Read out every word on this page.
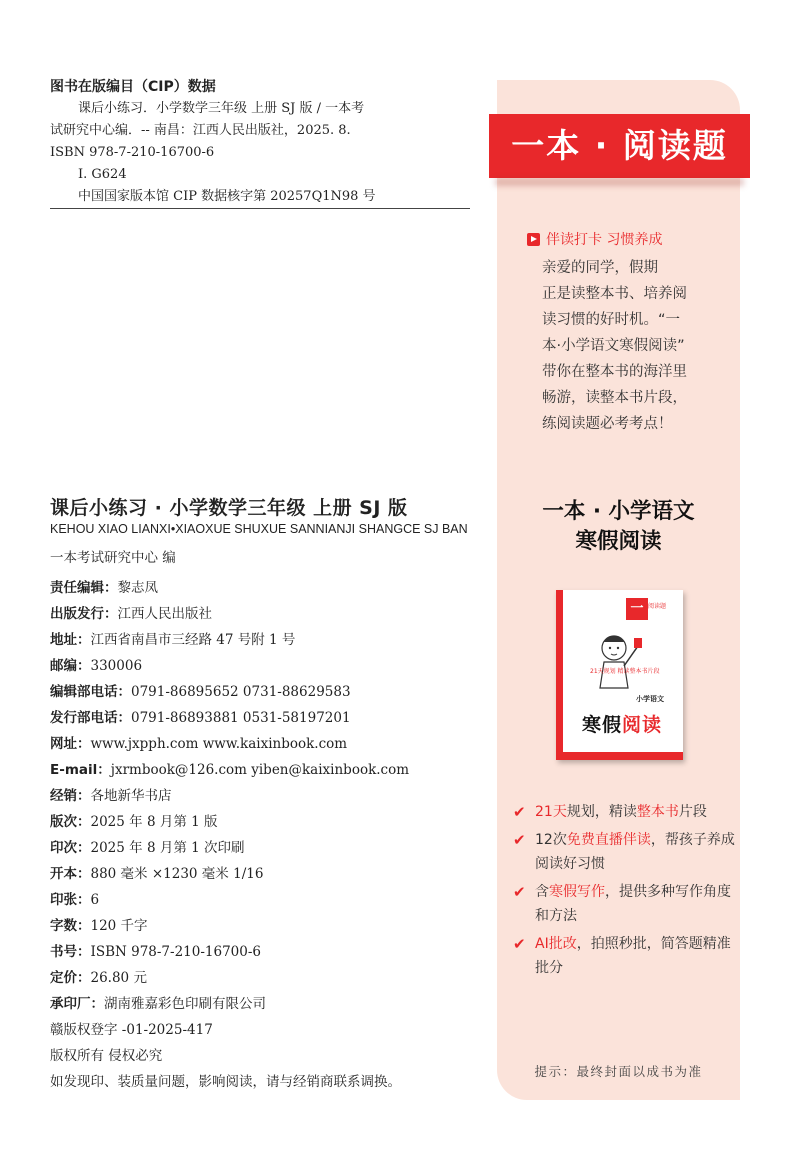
图书在版编目（CIP）数据
课后小练习．小学数学三年级 上册 SJ 版 / 一本考
试研究中心编．-- 南昌：江西人民出版社，2025. 8.
ISBN 978-7-210-16700-6
Ⅰ. G624
中国国家版本馆 CIP 数据核字第 20257Q1N98 号
课后小练习 · 小学数学三年级 上册 SJ 版
KEHOU XIAO LIANXI•XIAOXUE SHUXUE SANNIANJI SHANGCE SJ BAN
一本考试研究中心 编
责任编辑：黎志凤
出版发行：江西人民出版社
地址：江西省南昌市三经路 47 号附 1 号
邮编：330006
编辑部电话：0791-86895652 0731-88629583
发行部电话：0791-86893881 0531-58197201
网址：www.jxpph.com www.kaixinbook.com
E-mail：jxrmbook@126.com yiben@kaixinbook.com
经销：各地新华书店
版次：2025 年 8 月第 1 版
印次：2025 年 8 月第 1 次印刷
开本：880 毫米 ×1230 毫米 1/16
印张：6
字数：120 千字
书号：ISBN 978-7-210-16700-6
定价：26.80 元
承印厂：湖南雅嘉彩色印刷有限公司
赣版权登字 -01-2025-417
版权所有 侵权必究
如发现印、装质量问题，影响阅读，请与经销商联系调换。
一本 · 阅读题
伴读打卡 习惯养成
亲爱的同学，假期
正是读整本书、培养阅
读习惯的好时机。“一
本·小学语文寒假阅读”
带你在整本书的海洋里
畅游，读整本书片段，
练阅读题必考考点！
一本 · 小学语文
寒假阅读
一本
阅读题
21天规划 精读整本书片段
小学语文
寒假阅读
✔ 21天规划，精读整本书片段
✔ 12次免费直播伴读，帮孩子养成阅读好习惯
✔ 含寒假写作，提供多种写作角度和方法
✔ AI批改，拍照秒批，简答题精准批分
提示：最终封面以成书为准
